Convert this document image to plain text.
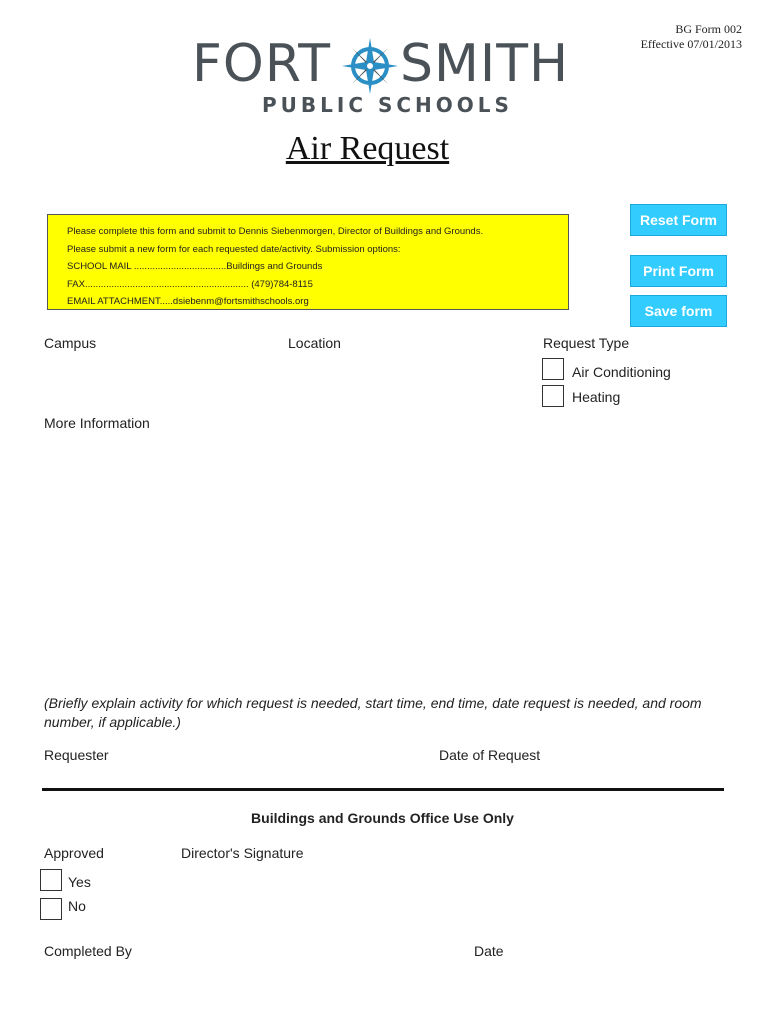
BG Form 002
Effective 07/01/2013
FORT SMITH
PUBLIC SCHOOLS
Air Request
Please complete this form and submit to Dennis Siebenmorgen, Director of Buildings and Grounds.
Please submit a new form for each requested date/activity. Submission options:
SCHOOL MAIL ...................................Buildings and Grounds
FAX.............................................................. (479)784-8115
EMAIL ATTACHMENT.....dsiebenm@fortsmithschools.org
Reset Form
Print Form
Save form
Campus	Location	Request Type
Air Conditioning
Heating
More Information
(Briefly explain activity for which request is needed, start time, end time, date request is needed, and room number, if applicable.)
Requester	Date of Request
Buildings and Grounds Office Use Only
Approved	Director's Signature
Yes
No
Completed By	Date
